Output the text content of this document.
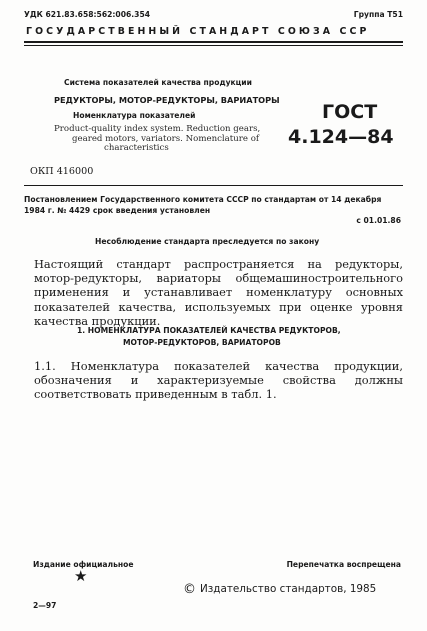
УДК 621.83.658:562:006.354	Группа Т51
ГОСУДАРСТВЕННЫЙ СТАНДАРТ СОЮЗА ССР
Система показателей качества продукции
РЕДУКТОРЫ, МОТОР-РЕДУКТОРЫ, ВАРИАТОРЫ
Номенклатура показателей
Product-quality index system. Reduction gears,
geared motors, variators. Nomenclature of
characteristics
ГОСТ
4.124—84
ОКП 416000
Постановлением Государственного комитета СССР по стандартам от 14 декабря
1984 г. № 4429 срок введения установлен
с 01.01.86
Несоблюдение стандарта преследуется по закону
Настоящий стандарт распространяется на редукторы, мотор-редукторы, вариаторы общемашиностроительного применения и устанавливает номенклатуру основных показателей качества, используемых при оценке уровня качества продукции.
1. НОМЕНКЛАТУРА ПОКАЗАТЕЛЕЙ КАЧЕСТВА РЕДУКТОРОВ,
МОТОР-РЕДУКТОРОВ, ВАРИАТОРОВ
1.1. Номенклатура показателей качества продукции, обозначения и характеризуемые свойства должны соответствовать приведенным в табл. 1.
Издание официальное	Перепечатка воспрещена
★
© Издательство стандартов, 1985
2—97
